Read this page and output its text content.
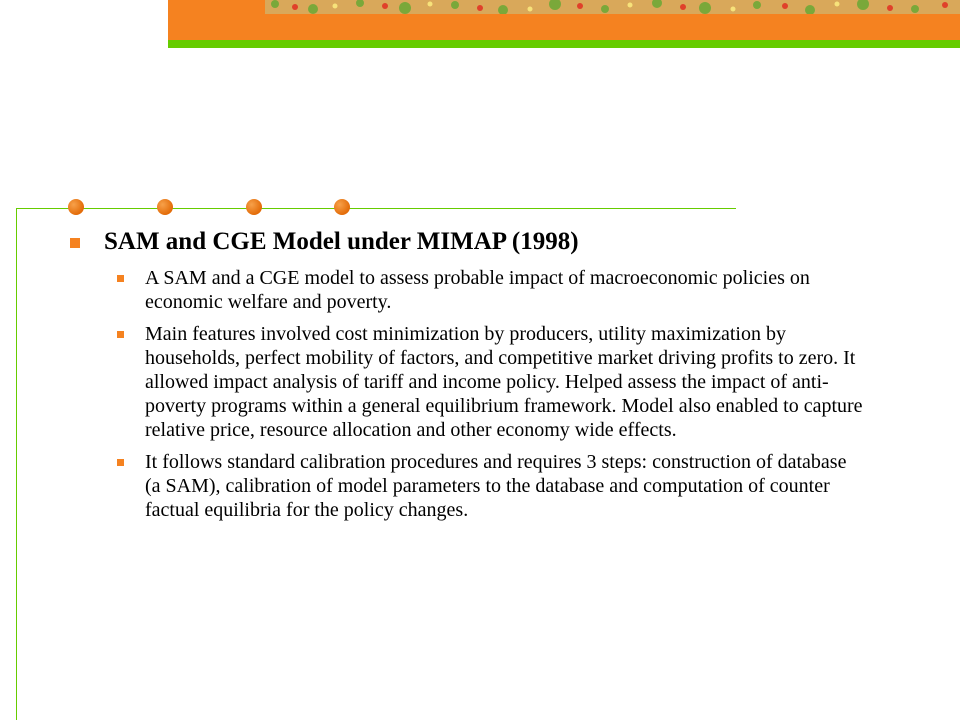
SAM and CGE Model under MIMAP (1998)
A SAM and a CGE model to assess probable impact of macroeconomic policies on economic welfare and poverty.
Main features involved cost minimization by producers, utility maximization by households, perfect mobility of factors, and competitive market driving profits to zero. It allowed impact analysis of tariff and income policy. Helped assess the impact of anti-poverty programs within a general equilibrium framework. Model also enabled to capture relative price, resource allocation and other economy wide effects.
It follows standard calibration procedures and requires 3 steps: construction of database (a SAM), calibration of model parameters to the database and computation of counter factual equilibria for the policy changes.
